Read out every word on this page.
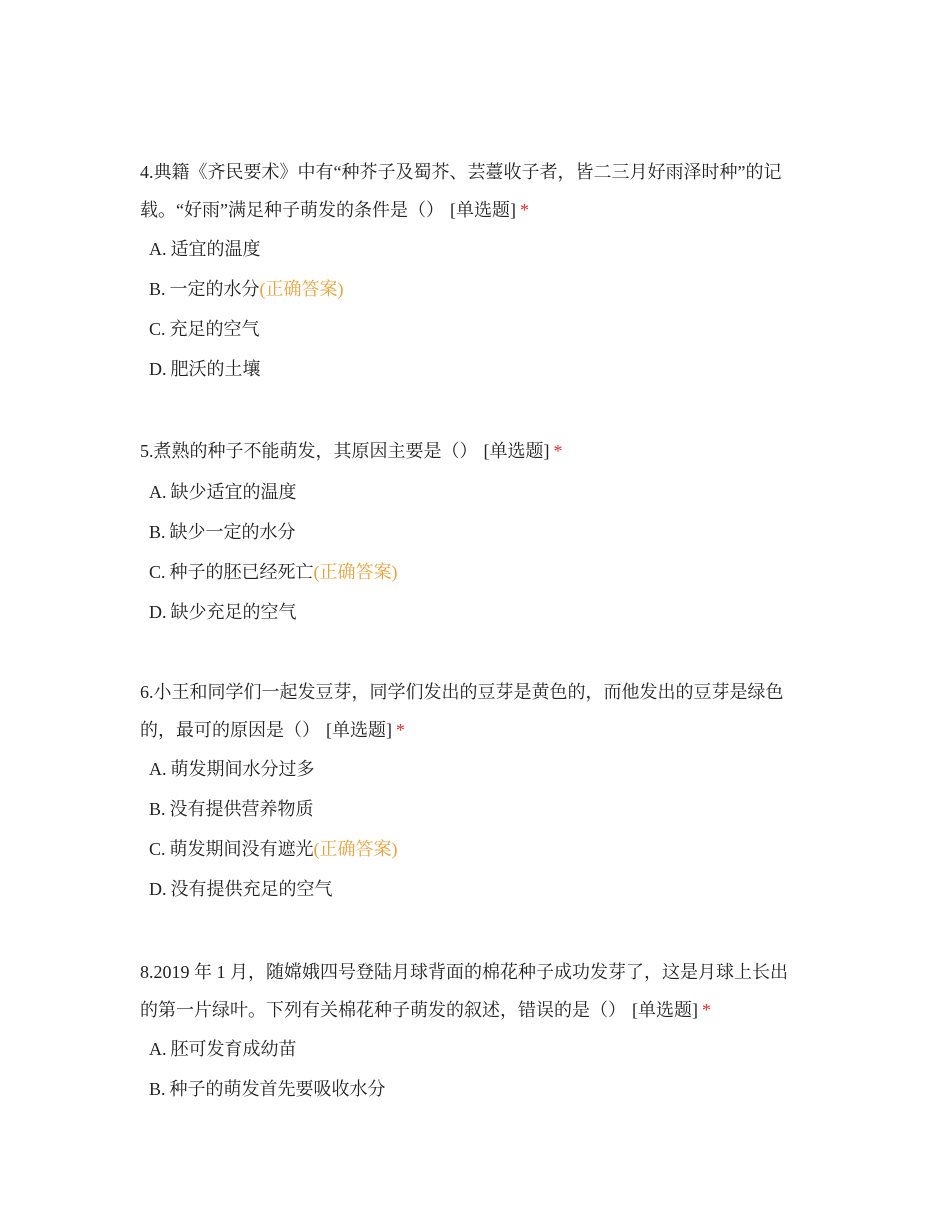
4.典籍《齐民要术》中有“种芥子及蜀芥、芸薹收子者，皆二三月好雨泽时种”的记
载。“好雨”满足种子萌发的条件是（） [单选题] *

A. 适宜的温度
B. 一定的水分(正确答案)
C. 充足的空气
D. 肥沃的土壤

5.煮熟的种子不能萌发，其原因主要是（） [单选题] *

A. 缺少适宜的温度
B. 缺少一定的水分
C. 种子的胚已经死亡(正确答案)
D. 缺少充足的空气

6.小王和同学们一起发豆芽，同学们发出的豆芽是黄色的，而他发出的豆芽是绿色
的，最可的原因是（） [单选题] *

A. 萌发期间水分过多
B. 没有提供营养物质
C. 萌发期间没有遮光(正确答案)
D. 没有提供充足的空气

8.2019 年 1 月，随嫦娥四号登陆月球背面的棉花种子成功发芽了，这是月球上长出
的第一片绿叶。下列有关棉花种子萌发的叙述，错误的是（） [单选题] *

A. 胚可发育成幼苗
B. 种子的萌发首先要吸收水分
